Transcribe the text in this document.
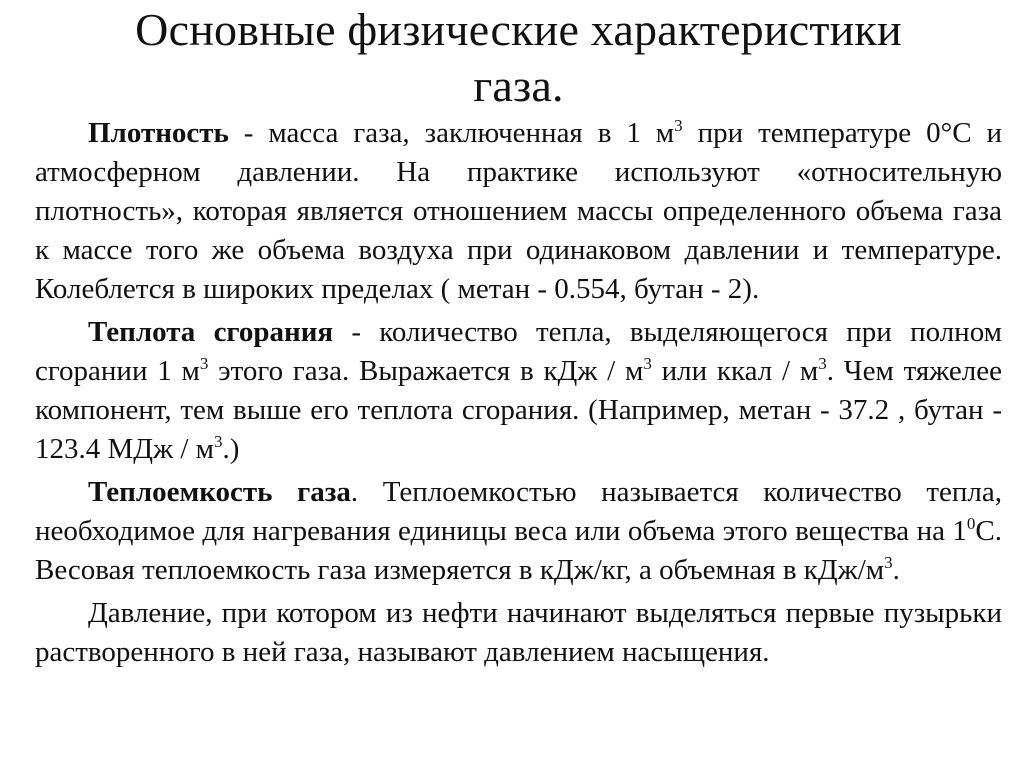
Основные физические характеристики
газа.

Плотность - масса газа, заключенная в 1 $м^3$ при температуре 0°С и атмосферном давлении. На практике используют «относительную плотность», которая является отношением массы определенного объема газа к массе того же объема воздуха при одинаковом давлении и температуре. Колеблется в широких пределах ( метан - 0.554, бутан - 2).

Теплота сгорания - количество тепла, выделяющегося при полном сгорании 1 $м^3$ этого газа. Выражается в кДж / $м^3$ или ккал / $м^3$. Чем тяжелее компонент, тем выше его теплота сгорания. (Например, метан - 37.2 , бутан - 123.4 МДж / $м^3$.)

Теплоемкость газа. Теплоемкостью называется количество тепла, необходимое для нагревания единицы веса или объема этого вещества на $1^0С$. Весовая теплоемкость газа измеряется в кДж/кг, а объемная в кДж/$м^3$.

Давление, при котором из нефти начинают выделяться первые пузырьки растворенного в ней газа, называют давлением насыщения.
